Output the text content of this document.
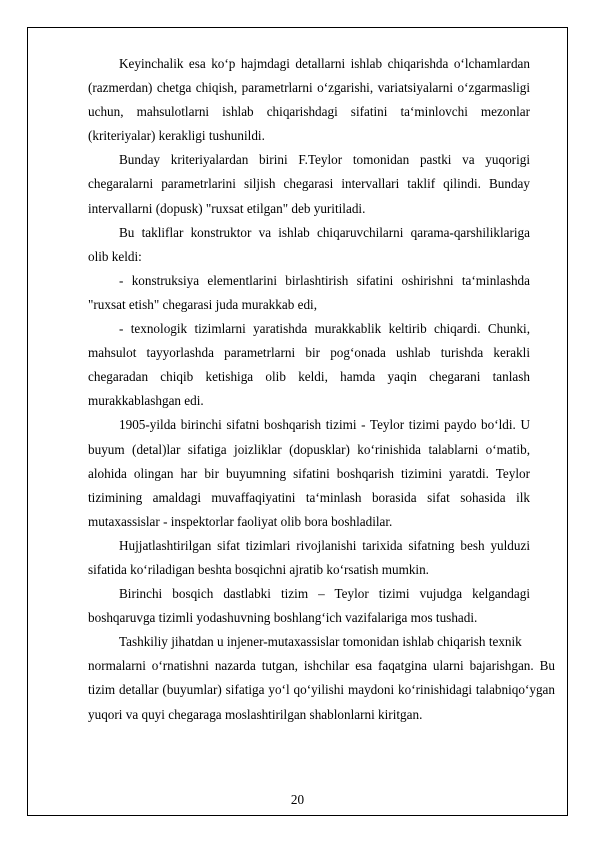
Keyinchalik esa ko‘p hajmdagi detallarni ishlab chiqarishda o‘lchamlardan (razmerdan) chetga chiqish, parametrlarni o‘zgarishi, variatsiyalarni o‘zgarmasligi uchun, mahsulotlarni ishlab chiqarishdagi sifatini ta‘minlovchi mezonlar (kriteriyalar) kerakligi tushunildi.

Bunday kriteriyalardan birini F.Teylor tomonidan pastki va yuqorigi chegaralarni parametrlarini siljish chegarasi intervallari taklif qilindi. Bunday intervallarni (dopusk) "ruxsat etilgan" deb yuritiladi.

Bu takliflar konstruktor va ishlab chiqaruvchilarni qarama-qarshiliklariga olib keldi:

- konstruksiya elementlarini birlashtirish sifatini oshirishni ta‘minlashda "ruxsat etish" chegarasi juda murakkab edi,

- texnologik tizimlarni yaratishda murakkablik keltirib chiqardi. Chunki, mahsulot tayyorlashda parametrlarni bir pog‘onada ushlab turishda kerakli chegaradan chiqib ketishiga olib keldi, hamda yaqin chegarani tanlash murakkablashgan edi.

1905-yilda birinchi sifatni boshqarish tizimi - Teylor tizimi paydo bo‘ldi. U buyum (detal)lar sifatiga joizliklar (dopusklar) ko‘rinishida talablarni o‘matib, alohida olingan har bir buyumning sifatini boshqarish tizimini yaratdi. Teylor tizimining amaldagi muvaffaqiyatini ta‘minlash borasida sifat sohasida ilk mutaxassislar - inspektorlar faoliyat olib bora boshladilar.

Hujjatlashtirilgan sifat tizimlari rivojlanishi tarixida sifatning besh yulduzi sifatida ko‘riladigan beshta bosqichni ajratib ko‘rsatish mumkin.

Birinchi bosqich dastlabki tizim – Teylor tizimi vujudga kelgandagi boshqaruvga tizimli yodashuvning boshlang‘ich vazifalariga mos tushadi.

Tashkiliy jihatdan u injener-mutaxassislar tomonidan ishlab chiqarish texnik

normalarni o‘rnatishni nazarda tutgan, ishchilar esa faqatgina ularni bajarishgan. Bu tizim detallar (buyumlar) sifatiga yo‘l qo‘yilishi maydoni ko‘rinishidagi talabniqo‘ygan yuqori va quyi chegaraga moslashtirilgan shablonlarni kiritgan.

20
